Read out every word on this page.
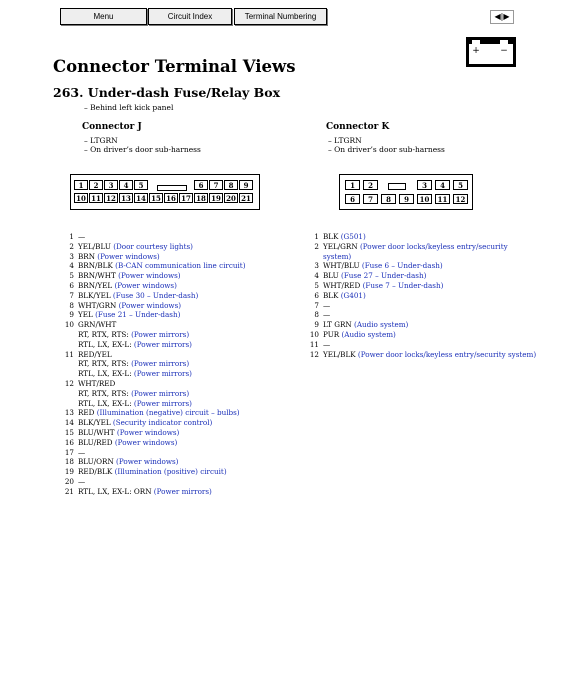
Menu	Circuit Index	Terminal Numbering	◀|▶
+ −
Connector Terminal Views
263. Under-dash Fuse/Relay Box
– Behind left kick panel
Connector J
– LTGRN
– On driver’s door sub-harness
Connector K
– LTGRN
– On driver’s door sub-harness
1	2	3	4	5	6	7	8	9
10 11 12 13 14 15 16 17 18 19 20 21
1	2	3	4	5
6	7	8	9	10	11	12
1 —
2 YEL/BLU (Door courtesy lights)
3 BRN (Power windows)
4 BRN/BLK (B-CAN communication line circuit)
5 BRN/WHT (Power windows)
6 BRN/YEL (Power windows)
7 BLK/YEL (Fuse 30 – Under-dash)
8 WHT/GRN (Power windows)
9 YEL (Fuse 21 – Under-dash)
10 GRN/WHT
RT, RTX, RTS: (Power mirrors)
RTL, LX, EX-L: (Power mirrors)
11 RED/YEL
RT, RTX, RTS: (Power mirrors)
RTL, LX, EX-L: (Power mirrors)
12 WHT/RED
RT, RTX, RTS: (Power mirrors)
RTL, LX, EX-L: (Power mirrors)
13 RED (Illumination (negative) circuit – bulbs)
14 BLK/YEL (Security indicator control)
15 BLU/WHT (Power windows)
16 BLU/RED (Power windows)
17 —
18 BLU/ORN (Power windows)
19 RED/BLK (Illumination (positive) circuit)
20 —
21 RTL, LX, EX-L: ORN (Power mirrors)
1 BLK (G501)
2 YEL/GRN (Power door locks/keyless entry/security
system)
3 WHT/BLU (Fuse 6 – Under-dash)
4 BLU (Fuse 27 – Under-dash)
5 WHT/RED (Fuse 7 – Under-dash)
6 BLK (G401)
7 —
8 —
9 LT GRN (Audio system)
10 PUR (Audio system)
11 —
12 YEL/BLK (Power door locks/keyless entry/security system)
